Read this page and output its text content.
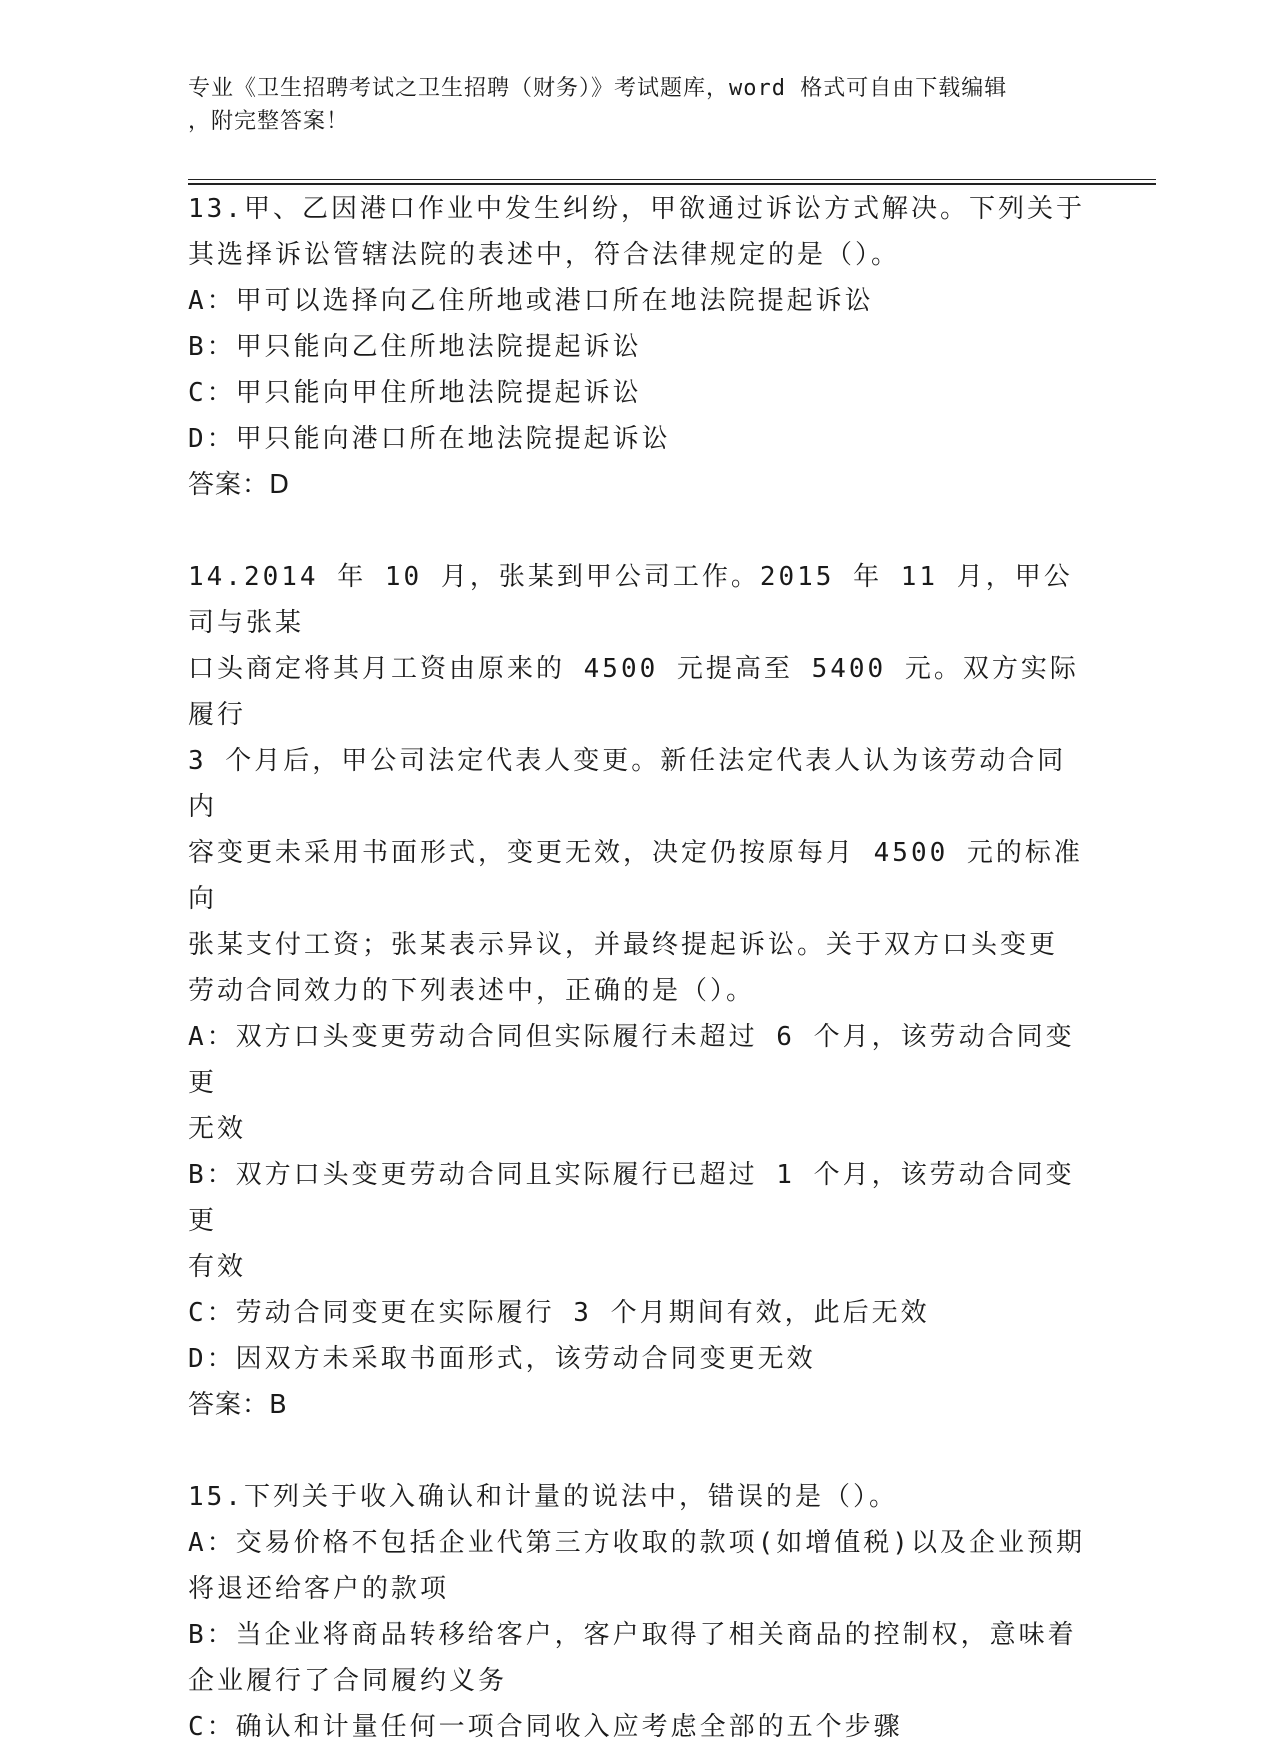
专业《卫生招聘考试之卫生招聘（财务）》考试题库，word 格式可自由下载编辑
，附完整答案！
13.甲、乙因港口作业中发生纠纷，甲欲通过诉讼方式解决。下列关于
其选择诉讼管辖法院的表述中，符合法律规定的是（）。
A：甲可以选择向乙住所地或港口所在地法院提起诉讼
B：甲只能向乙住所地法院提起诉讼
C：甲只能向甲住所地法院提起诉讼
D：甲只能向港口所在地法院提起诉讼
答案：D
14.2014 年 10 月，张某到甲公司工作。2015 年 11 月，甲公司与张某
口头商定将其月工资由原来的 4500 元提高至 5400 元。双方实际履行
3 个月后，甲公司法定代表人变更。新任法定代表人认为该劳动合同内
容变更未采用书面形式，变更无效，决定仍按原每月 4500 元的标准向
张某支付工资；张某表示异议，并最终提起诉讼。关于双方口头变更
劳动合同效力的下列表述中，正确的是（）。
A：双方口头变更劳动合同但实际履行未超过 6 个月，该劳动合同变更
无效
B：双方口头变更劳动合同且实际履行已超过 1 个月，该劳动合同变更
有效
C：劳动合同变更在实际履行 3 个月期间有效，此后无效
D：因双方未采取书面形式，该劳动合同变更无效
答案：B
15.下列关于收入确认和计量的说法中，错误的是（）。
A：交易价格不包括企业代第三方收取的款项(如增值税)以及企业预期
将退还给客户的款项
B：当企业将商品转移给客户，客户取得了相关商品的控制权，意味着
企业履行了合同履约义务
C：确认和计量任何一项合同收入应考虑全部的五个步骤
